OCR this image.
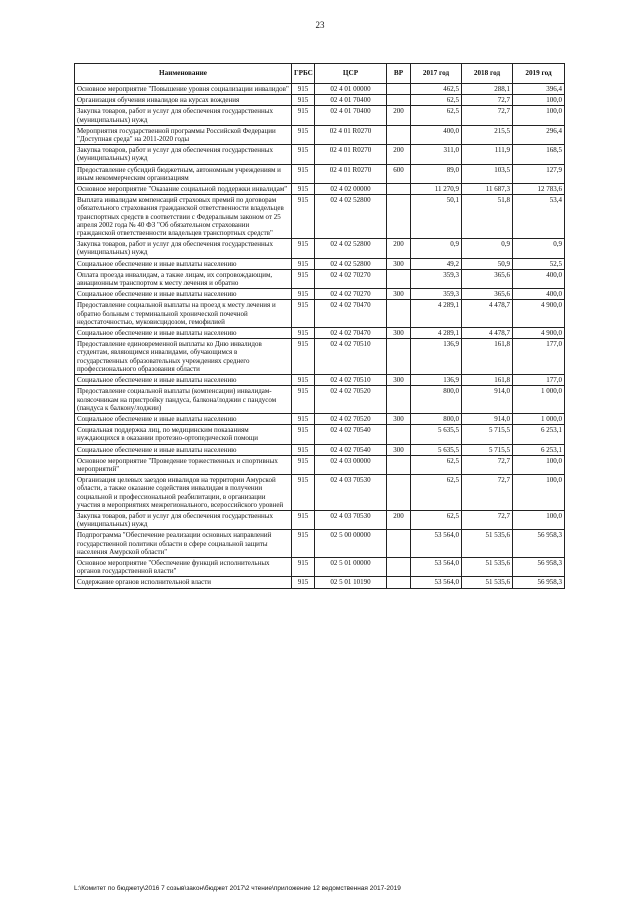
23
Наименование	ГРБС	ЦСР	ВР	2017 год	2018 год	2019 год
Основное мероприятие "Повышение уровня социализации инвалидов"	915	02 4 01 00000		462,5	288,1	396,4
Организация обучения инвалидов на курсах вождения	915	02 4 01 70400		62,5	72,7	100,0
Закупка товаров, работ и услуг для обеспечения государственных (муниципальных) нужд	915	02 4 01 70400	200	62,5	72,7	100,0
Мероприятия государственной программы Российской Федерации "Доступная среда" на 2011-2020 годы	915	02 4 01 R0270		400,0	215,5	296,4
Закупка товаров, работ и услуг для обеспечения государственных (муниципальных) нужд	915	02 4 01 R0270	200	311,0	111,9	168,5
Предоставление субсидий бюджетным, автономным учреждениям и иным некоммерческим организациям	915	02 4 01 R0270	600	89,0	103,5	127,9
Основное мероприятие "Оказание социальной поддержки инвалидам"	915	02 4 02 00000		11 270,9	11 687,3	12 783,6
Выплата инвалидам компенсаций страховых премий по договорам обязательного страхования гражданской ответственности владельцев транспортных средств в соответствии с Федеральным законом от 25 апреля 2002 года № 40 ФЗ "Об обязательном страховании гражданской ответственности владельцев транспортных средств"	915	02 4 02 52800		50,1	51,8	53,4
Закупка товаров, работ и услуг для обеспечения государственных (муниципальных) нужд	915	02 4 02 52800	200	0,9	0,9	0,9
Социальное обеспечение и иные выплаты населению	915	02 4 02 52800	300	49,2	50,9	52,5
Оплата проезда инвалидам, а также лицам, их сопровождающим, авиационным транспортом к месту лечения и обратно	915	02 4 02 70270		359,3	365,6	400,0
Социальное обеспечение и иные выплаты населению	915	02 4 02 70270	300	359,3	365,6	400,0
Предоставление социальной выплаты на проезд к месту лечения и обратно больным с терминальной хронической почечной недостаточностью, муковисцидозом, гемофилией	915	02 4 02 70470		4 289,1	4 478,7	4 900,0
Социальное обеспечение и иные выплаты населению	915	02 4 02 70470	300	4 289,1	4 478,7	4 900,0
Предоставление единовременной выплаты ко Дню инвалидов студентам, являющимся инвалидами, обучающимся в государственных образовательных учреждениях среднего профессионального образования области	915	02 4 02 70510		136,9	161,8	177,0
Социальное обеспечение и иные выплаты населению	915	02 4 02 70510	300	136,9	161,8	177,0
Предоставление социальной выплаты (компенсации) инвалидам-колясочникам на пристройку пандуса, балкона/лоджии с пандусом (пандуса к балкону/лоджии)	915	02 4 02 70520		800,0	914,0	1 000,0
Социальное обеспечение и иные выплаты населению	915	02 4 02 70520	300	800,0	914,0	1 000,0
Социальная поддержка лиц, по медицинским показаниям нуждающихся в оказании протезно-ортопедической помощи	915	02 4 02 70540		5 635,5	5 715,5	6 253,1
Социальное обеспечение и иные выплаты населению	915	02 4 02 70540	300	5 635,5	5 715,5	6 253,1
Основное мероприятие "Проведение торжественных и спортивных мероприятий"	915	02 4 03 00000		62,5	72,7	100,0
Организация целевых заездов инвалидов на территории Амурской области, а также оказание содействия инвалидам в получении социальной и профессиональной реабилитации, в организации участия в мероприятиях межрегионального, всероссийского уровней	915	02 4 03 70530		62,5	72,7	100,0
Закупка товаров, работ и услуг для обеспечения государственных (муниципальных) нужд	915	02 4 03 70530	200	62,5	72,7	100,0
Подпрограмма "Обеспечение реализации основных направлений государственной политики области в сфере социальной защиты населения Амурской области"	915	02 5 00 00000		53 564,0	51 535,6	56 958,3
Основное мероприятие "Обеспечение функций исполнительных органов государственной власти"	915	02 5 01 00000		53 564,0	51 535,6	56 958,3
Содержание органов исполнительной власти	915	02 5 01 10190		53 564,0	51 535,6	56 958,3
L:\Комитет по бюджету\2016 7 созыв\закон\бюджет 2017\2 чтение\приложение 12 ведомственная 2017-2019
